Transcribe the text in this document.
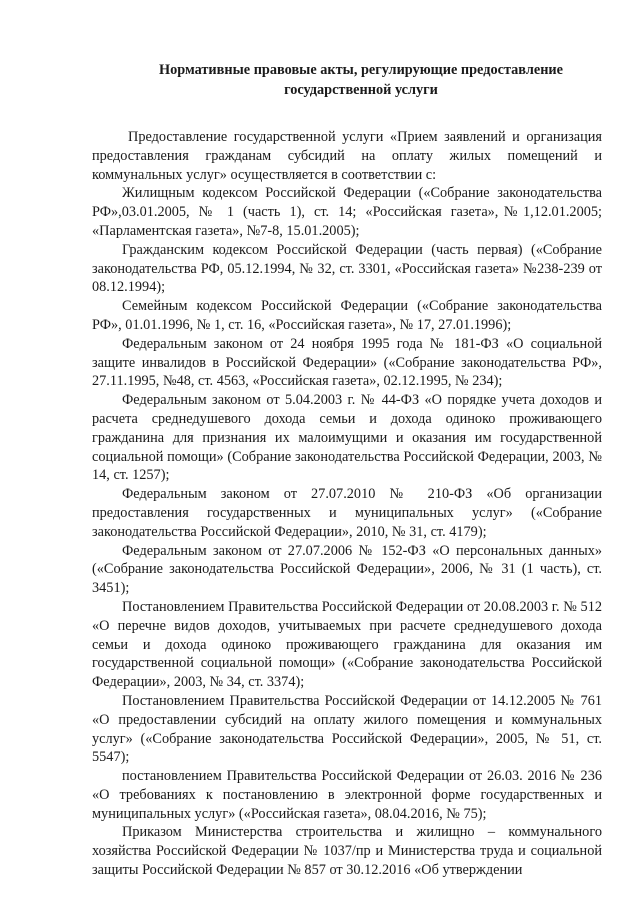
Нормативные правовые акты, регулирующие предоставление
государственной услуги

Предоставление государственной услуги «Прием заявлений и организация предоставления гражданам субсидий на оплату жилых помещений и коммунальных услуг» осуществляется в соответствии с:

Жилищным кодексом Российской Федерации («Собрание законодательства РФ»,03.01.2005, № 1 (часть 1), ст. 14; «Российская газета»,№1,12.01.2005; «Парламентская газета», №7-8, 15.01.2005);

Гражданским кодексом Российской Федерации (часть первая) («Собрание законодательства РФ, 05.12.1994, № 32, ст. 3301, «Российская газета» №238-239 от 08.12.1994);

Семейным кодексом Российской Федерации («Собрание законодательства РФ», 01.01.1996, № 1, ст. 16, «Российская газета», № 17, 27.01.1996);

Федеральным законом от 24 ноября 1995 года № 181-ФЗ «О социальной защите инвалидов в Российской Федерации» («Собрание законодательства РФ», 27.11.1995, №48, ст. 4563, «Российская газета», 02.12.1995, № 234);

Федеральным законом от 5.04.2003 г. № 44-ФЗ «О порядке учета доходов и расчета среднедушевого дохода семьи и дохода одиноко проживающего гражданина для признания их малоимущими и оказания им государственной социальной помощи» (Собрание законодательства Российской Федерации, 2003, № 14, ст. 1257);

Федеральным законом от 27.07.2010 № 210-ФЗ «Об организации предоставления государственных и муниципальных услуг» («Собрание законодательства Российской Федерации», 2010, № 31, ст. 4179);

Федеральным законом от 27.07.2006 № 152-ФЗ «О персональных данных» («Собрание законодательства Российской Федерации», 2006, № 31 (1 часть), ст. 3451);

Постановлением Правительства Российской Федерации от 20.08.2003 г. № 512 «О перечне видов доходов, учитываемых при расчете среднедушевого дохода семьи и дохода одиноко проживающего гражданина для оказания им государственной социальной помощи» («Собрание законодательства Российской Федерации», 2003, № 34, ст. 3374);

Постановлением Правительства Российской Федерации от 14.12.2005 № 761 «О предоставлении субсидий на оплату жилого помещения и коммунальных услуг» («Собрание законодательства Российской Федерации», 2005, № 51, ст. 5547);

постановлением Правительства Российской Федерации от 26.03. 2016 № 236 «О требованиях к постановлению в электронной форме государственных и муниципальных услуг» («Российская газета», 08.04.2016, № 75);

Приказом Министерства строительства и жилищно – коммунального хозяйства Российской Федерации № 1037/пр и Министерства труда и социальной защиты Российской Федерации № 857 от 30.12.2016 «Об утверждении
